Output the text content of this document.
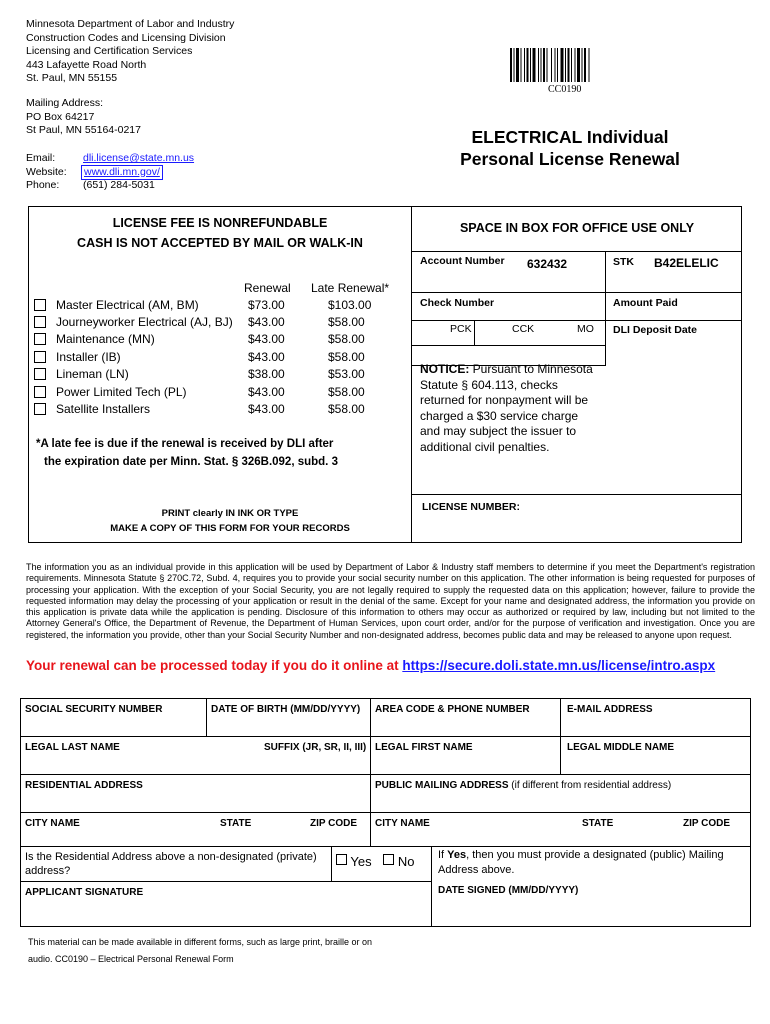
Minnesota Department of Labor and Industry
Construction Codes and Licensing Division
Licensing and Certification Services
443 Lafayette Road North
St. Paul, MN 55155
Mailing Address:
PO Box 64217
St Paul, MN 55164-0217
Email:	dli.license@state.mn.us
Website: www.dli.mn.gov/
Phone: (651) 284-5031
CC0190
ELECTRICAL Individual
Personal License Renewal
LICENSE FEE IS NONREFUNDABLE
CASH IS NOT ACCEPTED BY MAIL OR WALK-IN
Renewal Late Renewal*
Master Electrical (AM, BM)	$73.00	$103.00
Journeyworker Electrical (AJ, BJ) $43.00	$58.00
Maintenance (MN)	$43.00	$58.00
Installer (IB)	$43.00	$58.00
Lineman (LN)	$38.00	$53.00
Power Limited Tech (PL)	$43.00	$58.00
Satellite Installers	$43.00	$58.00
*A late fee is due if the renewal is received by DLI after
the expiration date per Minn. Stat. § 326B.092, subd. 3
PRINT clearly IN INK OR TYPE
MAKE A COPY OF THIS FORM FOR YOUR RECORDS
SPACE IN BOX FOR OFFICE USE ONLY
Account Number 632432	STK B42ELELIC
Check Number	Amount Paid
PCK	CCK	MO DLI Deposit Date
NOTICE: Pursuant to Minnesota Statute § 604.113, checks returned for nonpayment will be charged a $30 service charge and may subject the issuer to additional civil penalties.
LICENSE NUMBER:
The information you as an individual provide in this application will be used by Department of Labor & Industry staff members to determine if you meet the Department's registration requirements. Minnesota Statute § 270C.72, Subd. 4, requires you to provide your social security number on this application. The other information is being requested for purposes of processing your application. With the exception of your Social Security, you are not legally required to supply the requested data on this application; however, failure to provide the requested information may delay the processing of your application or result in the denial of the same. Except for your name and designated address, the information you provide on this application is private data while the application is pending. Disclosure of this information to others may occur as authorized or required by law, including but not limited to the Attorney General's Office, the Department of Revenue, the Department of Human Services, upon court order, and/or for the purpose of verification and investigation. Once you are registered, the information you provide, other than your Social Security Number and non-designated address, becomes public data and may be released to anyone upon request.
Your renewal can be processed today if you do it online at https://secure.doli.state.mn.us/license/intro.aspx
SOCIAL SECURITY NUMBER	DATE OF BIRTH (MM/DD/YYYY) AREA CODE & PHONE NUMBER	E-MAIL ADDRESS
LEGAL LAST NAME	SUFFIX (JR, SR, II, III) LEGAL FIRST NAME	LEGAL MIDDLE NAME
RESIDENTIAL ADDRESS	PUBLIC MAILING ADDRESS (if different from residential address)
CITY NAME	STATE	ZIP CODE CITY NAME	STATE	ZIP CODE
Is the Residential Address above a non-designated (private) address?
Yes No If Yes, then you must provide a designated (public) Mailing Address above.
APPLICANT SIGNATURE	DATE SIGNED (MM/DD/YYYY)
This material can be made available in different forms, such as large print, braille or on
audio. CC0190 – Electrical Personal Renewal Form
